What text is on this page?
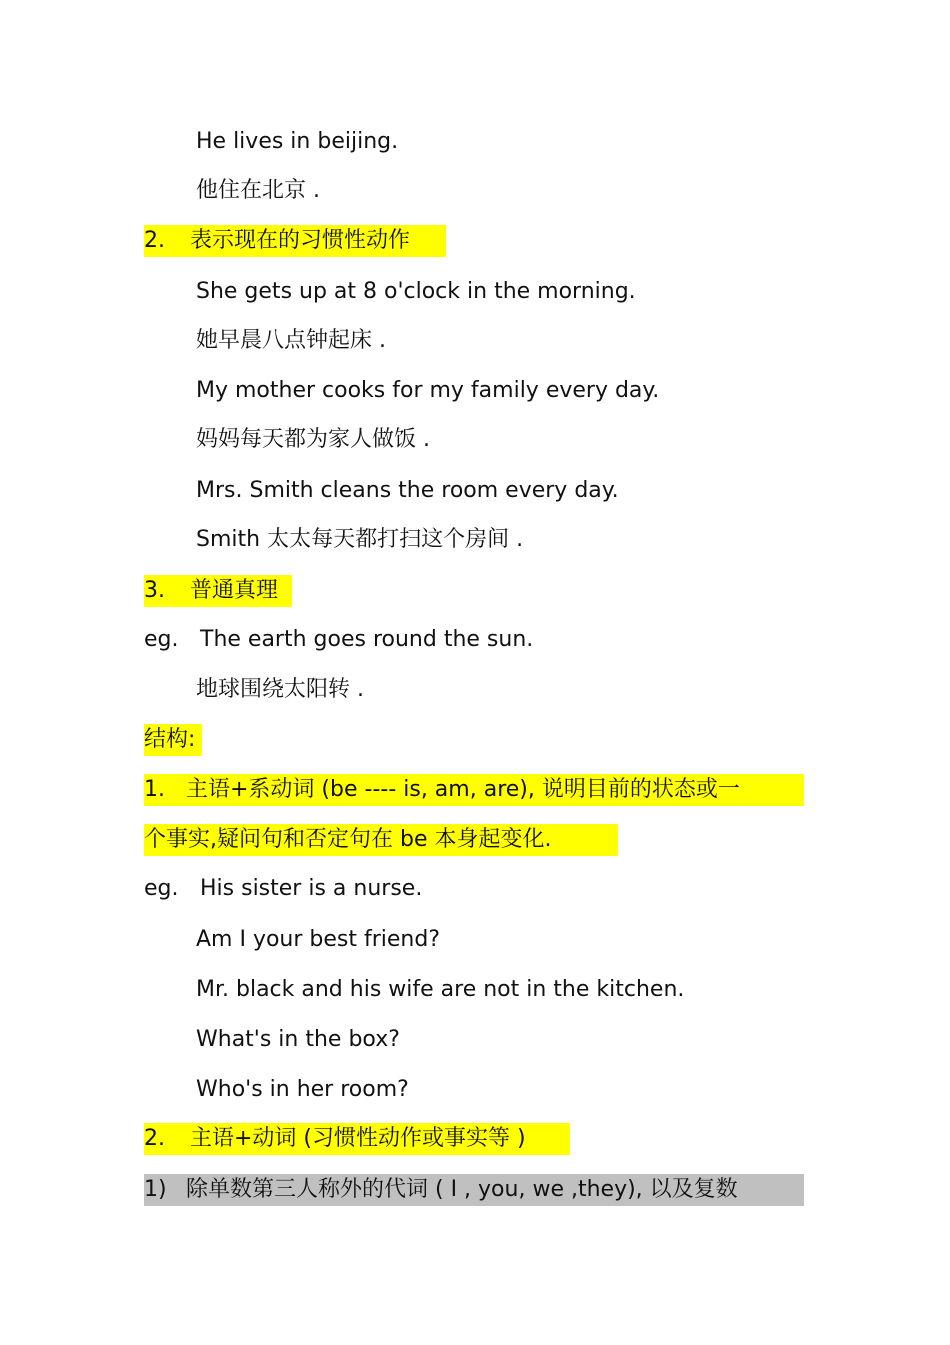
He lives in beijing.

他住在北京 .

2. 表示现在的习惯性动作

She gets up at 8 o'clock in the morning.

她早晨八点钟起床 .

My mother cooks for my family every day.

妈妈每天都为家人做饭 .

Mrs. Smith cleans the room every day.

Smith 太太每天都打扫这个房间 .

3. 普通真理

eg. The earth goes round the sun.

地球围绕太阳转 .

结构:

1. 主语+系动词 (be ---- is, am, are), 说明目前的状态或一

个事实,疑问句和否定句在 be 本身起变化.

eg. His sister is a nurse.

Am I your best friend?

Mr. black and his wife are not in the kitchen.

What's in the box?

Who's in her room?

2. 主语+动词 (习惯性动作或事实等 )

1) 除单数第三人称外的代词 ( I , you, we ,they), 以及复数
